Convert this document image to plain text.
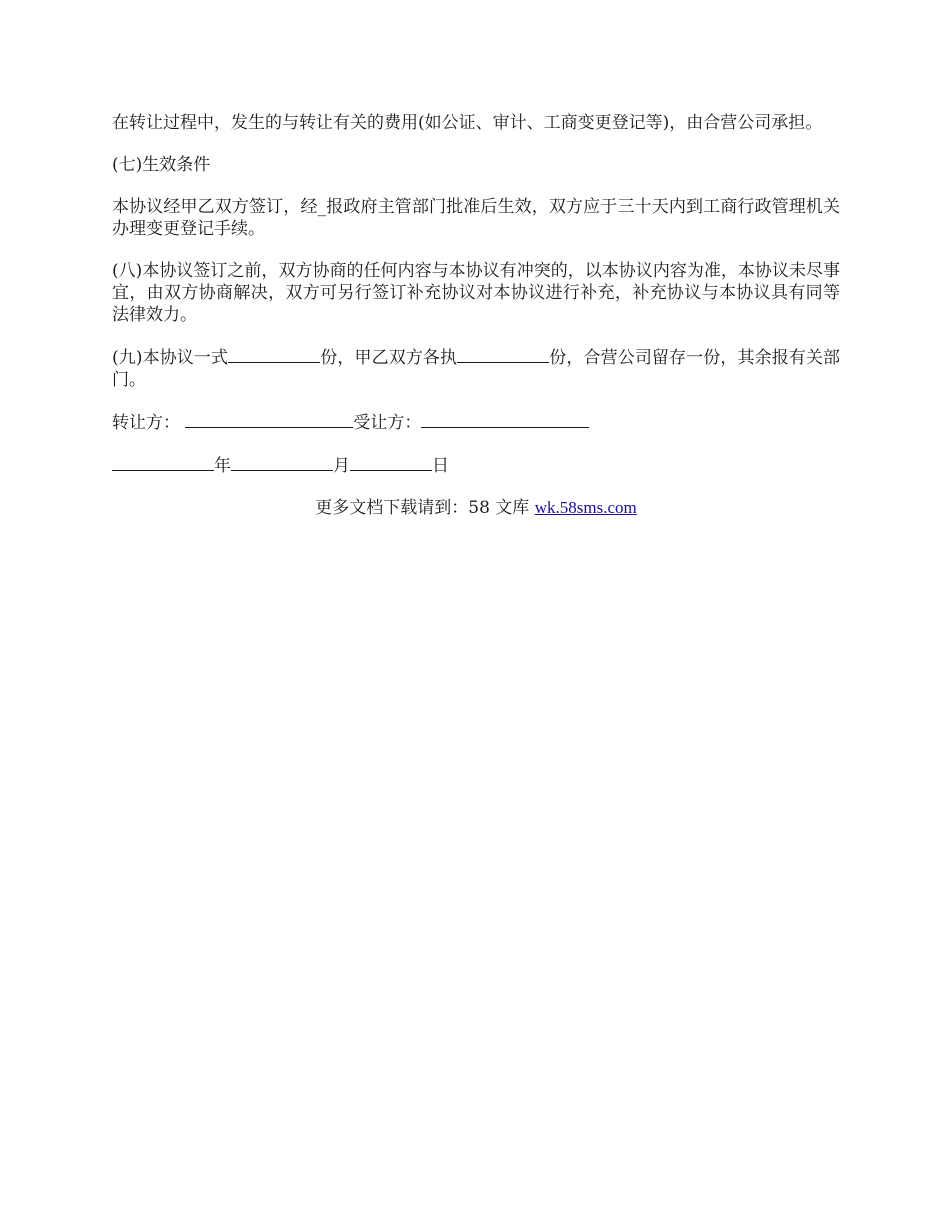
在转让过程中，发生的与转让有关的费用(如公证、审计、工商变更登记等)，由合营公司承担。

(七)生效条件

本协议经甲乙双方签订，经_报政府主管部门批准后生效，双方应于三十天内到工商行政管理机关办理变更登记手续。

(八)本协议签订之前，双方协商的任何内容与本协议有冲突的，以本协议内容为准，本协议未尽事宜，由双方协商解决，双方可另行签订补充协议对本协议进行补充，补充协议与本协议具有同等法律效力。

(九)本协议一式	份，甲乙双方各执	份，合营公司留存一份，其余报有关部门。

转让方：	受让方：

年	月	日

更多文档下载请到：58 文库 wk.58sms.com
